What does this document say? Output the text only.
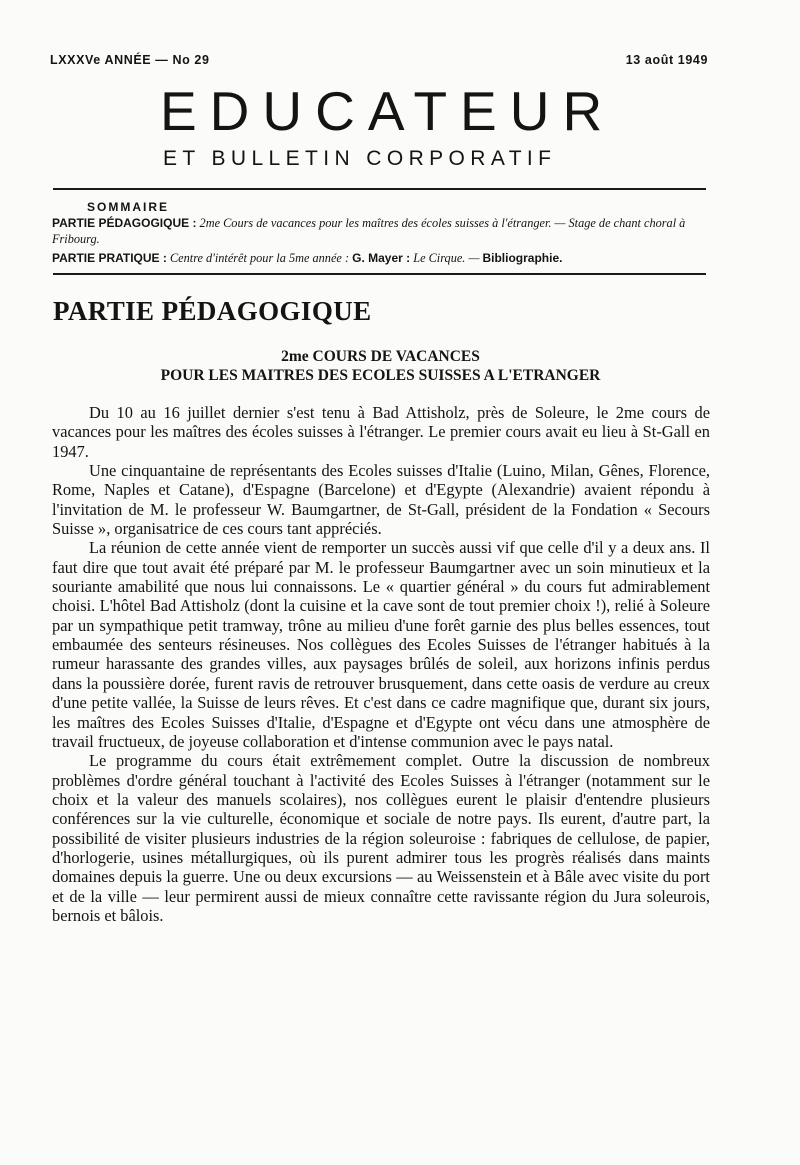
LXXXVe ANNÉE — No 29	13 août 1949
EDUCATEUR
ET BULLETIN CORPORATIF
SOMMAIRE
PARTIE PÉDAGOGIQUE : 2me Cours de vacances pour les maîtres des écoles suisses à l'étranger. — Stage de chant choral à Fribourg.
PARTIE PRATIQUE : Centre d'intérêt pour la 5me année : G. Mayer : Le Cirque. — Bibliographie.
PARTIE PÉDAGOGIQUE
2me COURS DE VACANCES
POUR LES MAITRES DES ECOLES SUISSES A L'ETRANGER

Du 10 au 16 juillet dernier s'est tenu à Bad Attisholz, près de Soleure, le 2me cours de vacances pour les maîtres des écoles suisses à l'étranger. Le premier cours avait eu lieu à St-Gall en 1947.

Une cinquantaine de représentants des Ecoles suisses d'Italie (Luino, Milan, Gênes, Florence, Rome, Naples et Catane), d'Espagne (Barcelone) et d'Egypte (Alexandrie) avaient répondu à l'invitation de M. le professeur W. Baumgartner, de St-Gall, président de la Fondation « Secours Suisse », organisatrice de ces cours tant appréciés.

La réunion de cette année vient de remporter un succès aussi vif que celle d'il y a deux ans. Il faut dire que tout avait été préparé par M. le professeur Baumgartner avec un soin minutieux et la souriante amabilité que nous lui connaissons. Le « quartier général » du cours fut admirablement choisi. L'hôtel Bad Attisholz (dont la cuisine et la cave sont de tout premier choix !), relié à Soleure par un sympathique petit tramway, trône au milieu d'une forêt garnie des plus belles essences, tout embaumée des senteurs résineuses. Nos collègues des Ecoles Suisses de l'étranger habitués à la rumeur harassante des grandes villes, aux paysages brûlés de soleil, aux horizons infinis perdus dans la poussière dorée, furent ravis de retrouver brusquement, dans cette oasis de verdure au creux d'une petite vallée, la Suisse de leurs rêves. Et c'est dans ce cadre magnifique que, durant six jours, les maîtres des Ecoles Suisses d'Italie, d'Espagne et d'Egypte ont vécu dans une atmosphère de travail fructueux, de joyeuse collaboration et d'intense communion avec le pays natal.

Le programme du cours était extrêmement complet. Outre la discussion de nombreux problèmes d'ordre général touchant à l'activité des Ecoles Suisses à l'étranger (notamment sur le choix et la valeur des manuels scolaires), nos collègues eurent le plaisir d'entendre plusieurs conférences sur la vie culturelle, économique et sociale de notre pays. Ils eurent, d'autre part, la possibilité de visiter plusieurs industries de la région soleuroise : fabriques de cellulose, de papier, d'horlogerie, usines métallurgiques, où ils purent admirer tous les progrès réalisés dans maints domaines depuis la guerre. Une ou deux excursions — au Weissenstein et à Bâle avec visite du port et de la ville — leur permirent aussi de mieux connaître cette ravissante région du Jura soleurois, bernois et bâlois.
